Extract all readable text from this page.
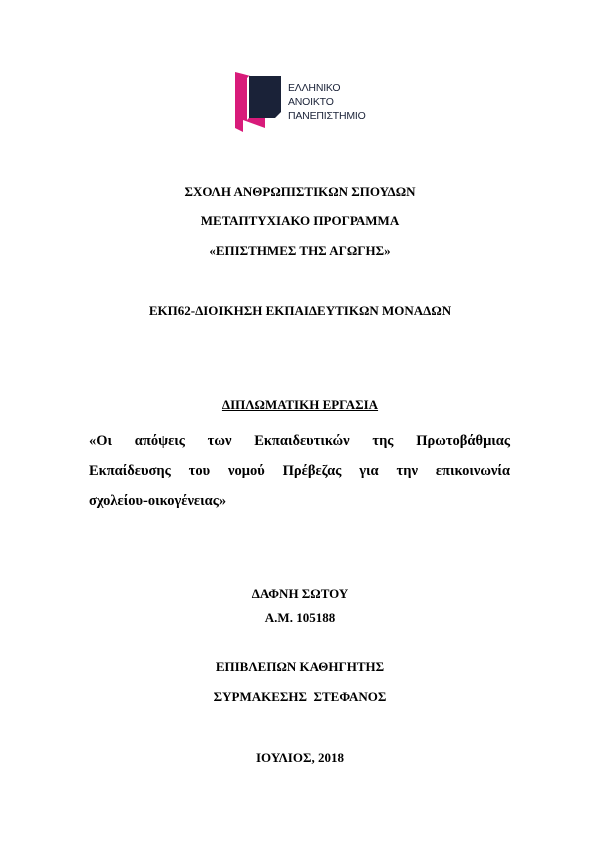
ΕΛΛΗΝΙΚΟ
ΑΝΟΙΚΤΟ
ΠΑΝΕΠΙΣΤΗΜΙΟ
ΣΧΟΛΗ ΑΝΘΡΩΠΙΣΤΙΚΩΝ ΣΠΟΥΔΩΝ
ΜΕΤΑΠΤΥΧΙΑΚΟ ΠΡΟΓΡΑΜΜΑ
«ΕΠΙΣΤΗΜΕΣ ΤΗΣ ΑΓΩΓΗΣ»
ΕΚΠ62-ΔΙΟΙΚΗΣΗ ΕΚΠΑΙΔΕΥΤΙΚΩΝ ΜΟΝΑΔΩΝ
ΔΙΠΛΩΜΑΤΙΚΗ ΕΡΓΑΣΙΑ
«Οι απόψεις των Εκπαιδευτικών της Πρωτοβάθμιας
Εκπαίδευσης του νομού Πρέβεζας για την επικοινωνία
σχολείου-οικογένειας»
ΔΑΦΝΗ ΣΩΤΟΥ
Α.Μ. 105188
ΕΠΙΒΛΕΠΩΝ ΚΑΘΗΓΗΤΗΣ
ΣΥΡΜΑΚΕΣΗΣ  ΣΤΕΦΑΝΟΣ
ΙΟΥΛΙΟΣ, 2018
